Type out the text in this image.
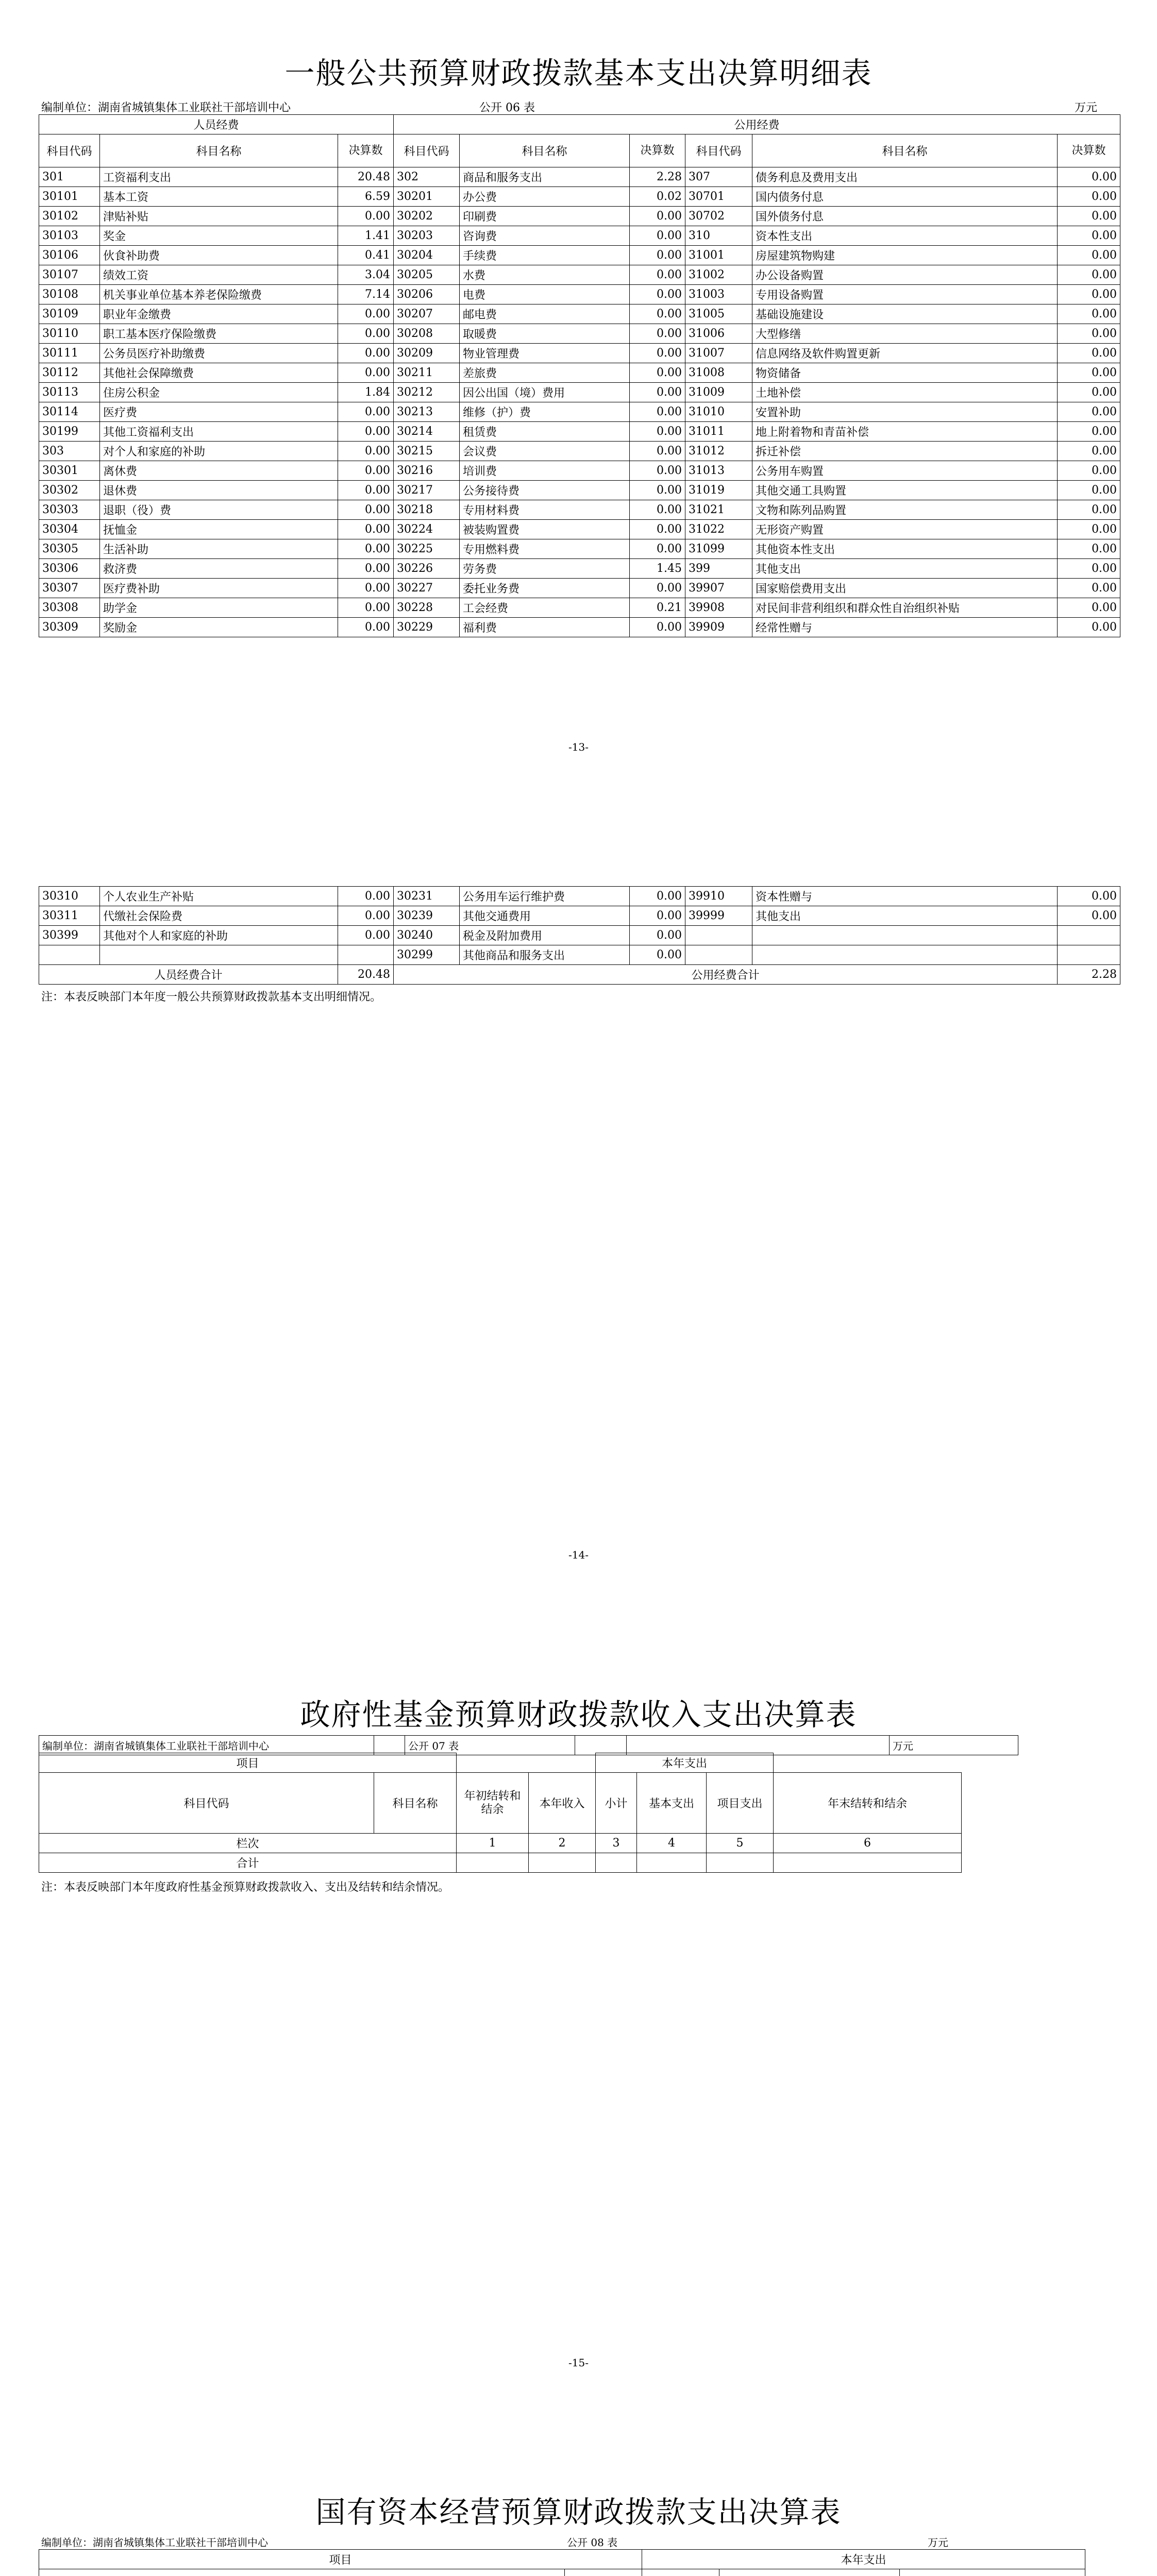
一般公共预算财政拨款基本支出决算明细表
编制单位：湖南省城镇集体工业联社干部培训中心	公开 06 表	万元
人员经费			公用经费					
科目代码	科目名称	决算数	科目代码	科目名称	决算数	科目代码	科目名称	决算数
301	工资福利支出	20.48	302	商品和服务支出	2.28	307	债务利息及费用支出	0.00
30101	基本工资	6.59	30201	办公费	0.02	30701	国内债务付息	0.00
30102	津贴补贴	0.00	30202	印刷费	0.00	30702	国外债务付息	0.00
30103	奖金	1.41	30203	咨询费	0.00	310	资本性支出	0.00
30106	伙食补助费	0.41	30204	手续费	0.00	31001	房屋建筑物购建	0.00
30107	绩效工资	3.04	30205	水费	0.00	31002	办公设备购置	0.00
30108	机关事业单位基本养老保险缴费	7.14	30206	电费	0.00	31003	专用设备购置	0.00
30109	职业年金缴费	0.00	30207	邮电费	0.00	31005	基础设施建设	0.00
30110	职工基本医疗保险缴费	0.00	30208	取暖费	0.00	31006	大型修缮	0.00
30111	公务员医疗补助缴费	0.00	30209	物业管理费	0.00	31007	信息网络及软件购置更新	0.00
30112	其他社会保障缴费	0.00	30211	差旅费	0.00	31008	物资储备	0.00
30113	住房公积金	1.84	30212	因公出国（境）费用	0.00	31009	土地补偿	0.00
30114	医疗费	0.00	30213	维修（护）费	0.00	31010	安置补助	0.00
30199	其他工资福利支出	0.00	30214	租赁费	0.00	31011	地上附着物和青苗补偿	0.00
303	对个人和家庭的补助	0.00	30215	会议费	0.00	31012	拆迁补偿	0.00
30301	离休费	0.00	30216	培训费	0.00	31013	公务用车购置	0.00
30302	退休费	0.00	30217	公务接待费	0.00	31019	其他交通工具购置	0.00
30303	退职（役）费	0.00	30218	专用材料费	0.00	31021	文物和陈列品购置	0.00
30304	抚恤金	0.00	30224	被装购置费	0.00	31022	无形资产购置	0.00
30305	生活补助	0.00	30225	专用燃料费	0.00	31099	其他资本性支出	0.00
30306	救济费	0.00	30226	劳务费	1.45	399	其他支出	0.00
30307	医疗费补助	0.00	30227	委托业务费	0.00	39907	国家赔偿费用支出	0.00
30308	助学金	0.00	30228	工会经费	0.21	39908	对民间非营利组织和群众性自治组织补贴	0.00
30309	奖励金	0.00	30229	福利费	0.00	39909	经常性赠与	0.00
-13-
30310	个人农业生产补贴	0.00	30231	公务用车运行维护费	0.00	39910	资本性赠与	0.00
30311	代缴社会保险费	0.00	30239	其他交通费用	0.00	39999	其他支出	0.00
30399	其他对个人和家庭的补助	0.00	30240	税金及附加费用	0.00			
			30299	其他商品和服务支出	0.00			
人员经费合计		20.48	公用经费合计					2.28
注：本表反映部门本年度一般公共预算财政拨款基本支出明细情况。
-14-
政府性基金预算财政拨款收入支出决算表
编制单位：湖南省城镇集体工业联社干部培训中心		公开 07 表			万元
项目				本年支出			
科目代码	科目名称	年初结转和结余	本年收入	小计	基本支出	项目支出	年末结转和结余
栏次		1	2	3	4	5	6
合计							
注：本表反映部门本年度政府性基金预算财政拨款收入、支出及结转和结余情况。
-15-
国有资本经营预算财政拨款支出决算表
编制单位：湖南省城镇集体工业联社干部培训中心	公开 08 表	万元
项目		本年支出		
